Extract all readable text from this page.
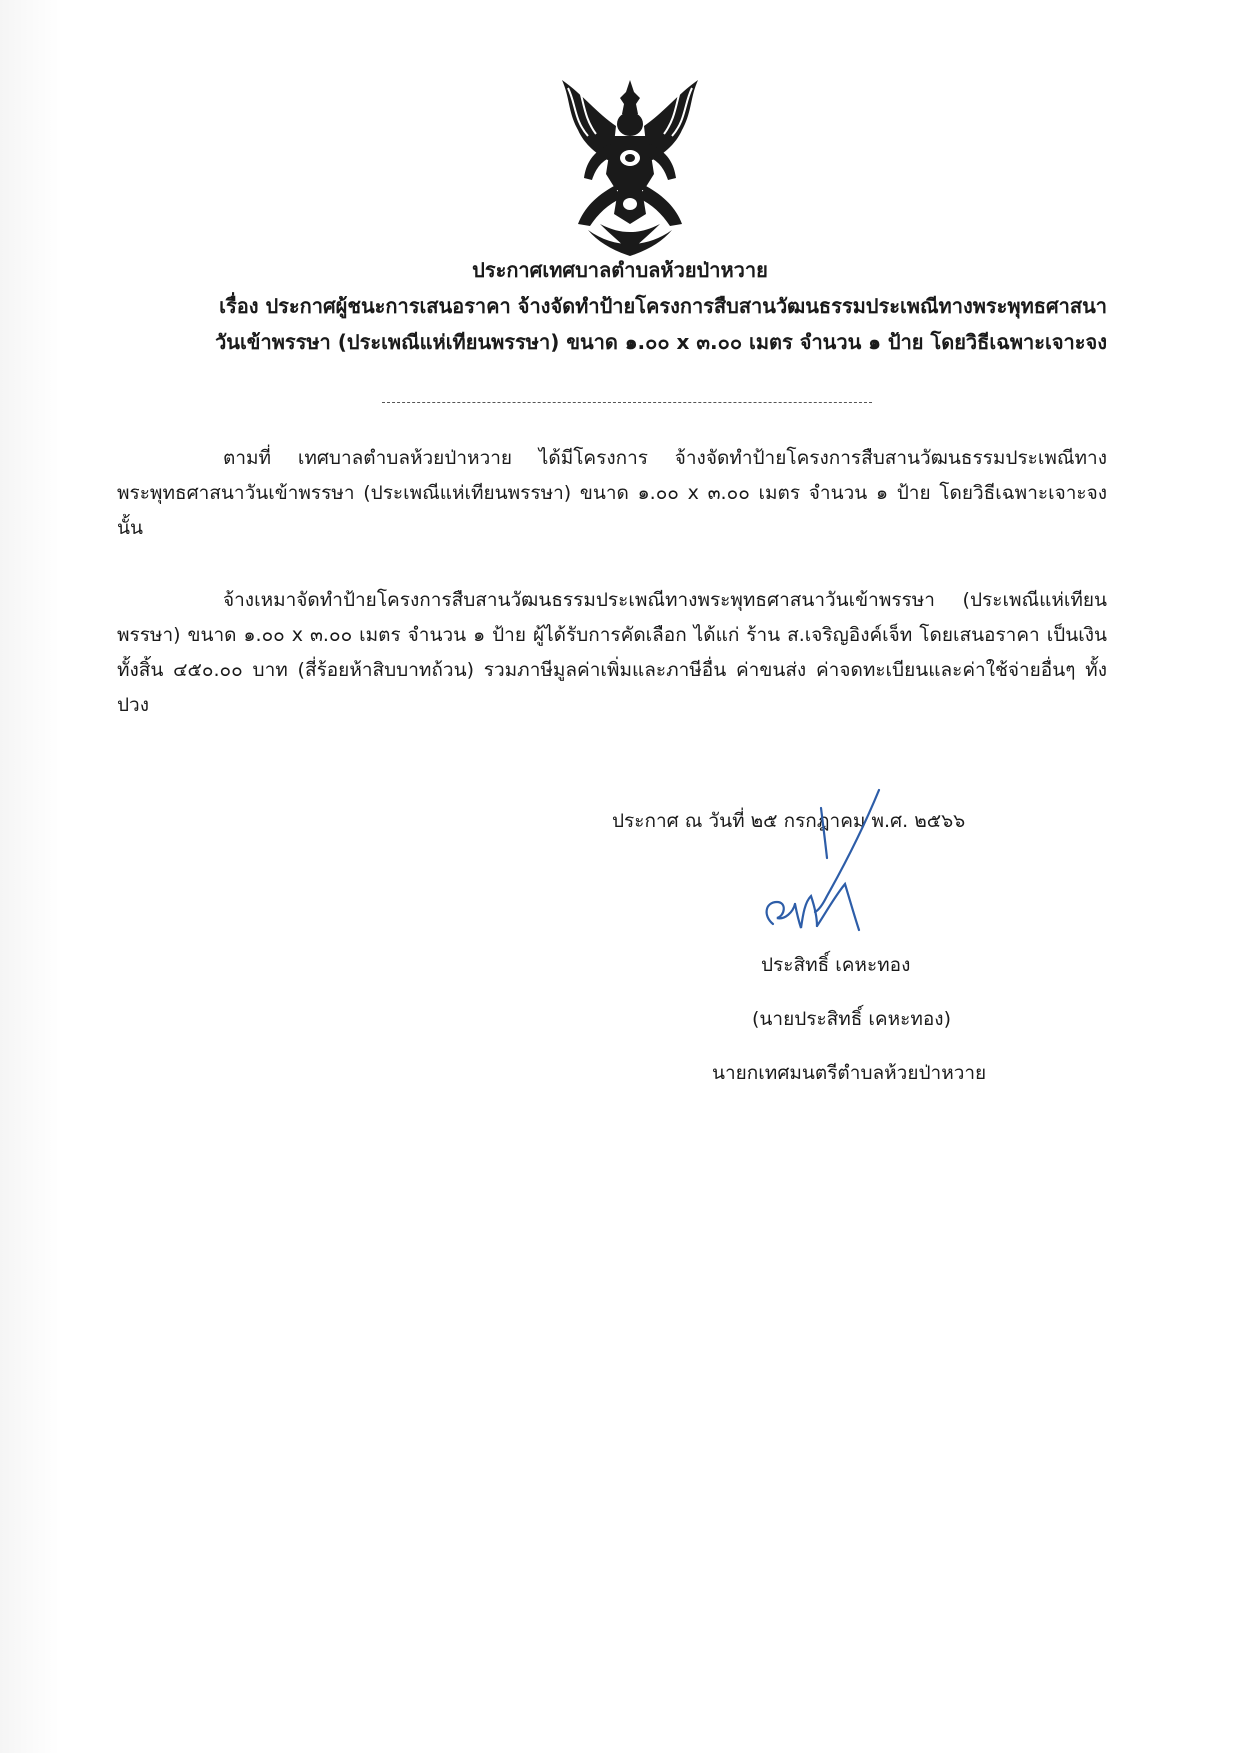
ประกาศเทศบาลตำบลห้วยป่าหวาย
เรื่อง ประกาศผู้ชนะการเสนอราคา จ้างจัดทำป้ายโครงการสืบสานวัฒนธรรมประเพณีทางพระพุทธศาสนา
วันเข้าพรรษา (ประเพณีแห่เทียนพรรษา) ขนาด ๑.๐๐ x ๓.๐๐ เมตร จำนวน ๑ ป้าย โดยวิธีเฉพาะเจาะจง
ตามที่ เทศบาลตำบลห้วยป่าหวาย ได้มีโครงการ จ้างจัดทำป้ายโครงการสืบสานวัฒนธรรมประเพณีทางพระพุทธศาสนาวันเข้าพรรษา (ประเพณีแห่เทียนพรรษา) ขนาด ๑.๐๐ x ๓.๐๐ เมตร จำนวน ๑ ป้าย โดยวิธีเฉพาะเจาะจง นั้น
จ้างเหมาจัดทำป้ายโครงการสืบสานวัฒนธรรมประเพณีทางพระพุทธศาสนาวันเข้าพรรษา (ประเพณีแห่เทียนพรรษา) ขนาด ๑.๐๐ x ๓.๐๐ เมตร จำนวน ๑ ป้าย ผู้ได้รับการคัดเลือก ได้แก่ ร้าน ส.เจริญอิงค์เจ็ท โดยเสนอราคา เป็นเงินทั้งสิ้น ๔๕๐.๐๐ บาท (สี่ร้อยห้าสิบบาทถ้วน) รวมภาษีมูลค่าเพิ่มและภาษีอื่น ค่าขนส่ง ค่าจดทะเบียนและค่าใช้จ่ายอื่นๆ ทั้งปวง
ประกาศ ณ วันที่ ๒๕ กรกฎาคม พ.ศ. ๒๕๖๖
ประสิทธิ์ เคหะทอง
(นายประสิทธิ์ เคหะทอง)
นายกเทศมนตรีตำบลห้วยป่าหวาย
